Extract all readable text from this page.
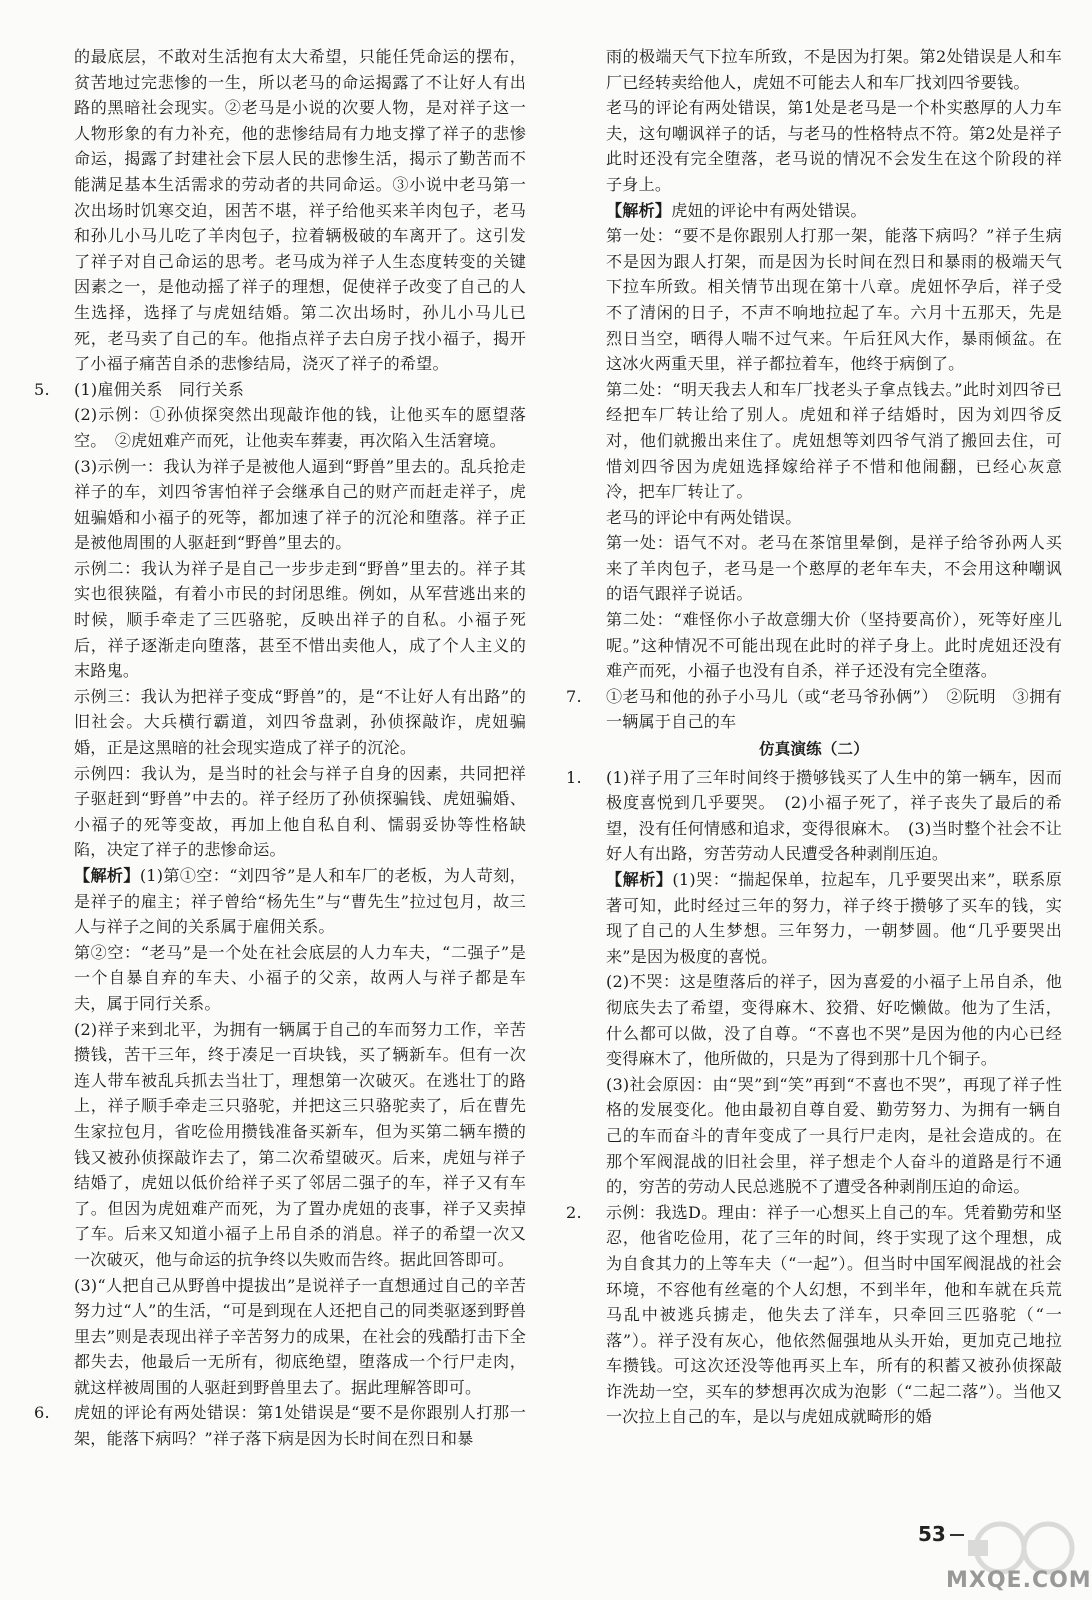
的最底层，不敢对生活抱有太大希望，只能任凭命运的摆布，贫苦地过完悲惨的一生，所以老马的命运揭露了不让好人有出路的黑暗社会现实。②老马是小说的次要人物，是对祥子这一人物形象的有力补充，他的悲惨结局有力地支撑了祥子的悲惨命运，揭露了封建社会下层人民的悲惨生活，揭示了勤苦而不能满足基本生活需求的劳动者的共同命运。③小说中老马第一次出场时饥寒交迫，困苦不堪，祥子给他买来羊肉包子，老马和孙儿小马儿吃了羊肉包子，拉着辆极破的车离开了。这引发了祥子对自己命运的思考。老马成为祥子人生态度转变的关键因素之一，是他动摇了祥子的理想，促使祥子改变了自己的人生选择，选择了与虎妞结婚。第二次出场时，孙儿小马儿已死，老马卖了自己的车。他指点祥子去白房子找小福子，揭开了小福子痛苦自杀的悲惨结局，浇灭了祥子的希望。

5.	(1)雇佣关系　同行关系

(2)示例：①孙侦探突然出现敲诈他的钱，让他买车的愿望落空。　②虎妞难产而死，让他卖车葬妻，再次陷入生活窘境。

(3)示例一：我认为祥子是被他人逼到“野兽”里去的。乱兵抢走祥子的车，刘四爷害怕祥子会继承自己的财产而赶走祥子，虎妞骗婚和小福子的死等，都加速了祥子的沉沦和堕落。祥子正是被他周围的人驱赶到“野兽”里去的。

示例二：我认为祥子是自己一步步走到“野兽”里去的。祥子其实也很狭隘，有着小市民的封闭思维。例如，从军营逃出来的时候，顺手牵走了三匹骆驼，反映出祥子的自私。小福子死后，祥子逐渐走向堕落，甚至不惜出卖他人，成了个人主义的末路鬼。

示例三：我认为把祥子变成“野兽”的，是“不让好人有出路”的旧社会。大兵横行霸道，刘四爷盘剥，孙侦探敲诈，虎妞骗婚，正是这黑暗的社会现实造成了祥子的沉沦。

示例四：我认为，是当时的社会与祥子自身的因素，共同把祥子驱赶到“野兽”中去的。祥子经历了孙侦探骗钱、虎妞骗婚、小福子的死等变故，再加上他自私自利、懦弱妥协等性格缺陷，决定了祥子的悲惨命运。

【解析】(1)第①空：“刘四爷”是人和车厂的老板，为人苛刻，是祥子的雇主；祥子曾给“杨先生”与“曹先生”拉过包月，故三人与祥子之间的关系属于雇佣关系。

第②空：“老马”是一个处在社会底层的人力车夫，“二强子”是一个自暴自弃的车夫、小福子的父亲，故两人与祥子都是车夫，属于同行关系。

(2)祥子来到北平，为拥有一辆属于自己的车而努力工作，辛苦攒钱，苦干三年，终于凑足一百块钱，买了辆新车。但有一次连人带车被乱兵抓去当壮丁，理想第一次破灭。在逃壮丁的路上，祥子顺手牵走三只骆驼，并把这三只骆驼卖了，后在曹先生家拉包月，省吃俭用攒钱准备买新车，但为买第二辆车攒的钱又被孙侦探敲诈去了，第二次希望破灭。后来，虎妞与祥子结婚了，虎妞以低价给祥子买了邻居二强子的车，祥子又有车了。但因为虎妞难产而死，为了置办虎妞的丧事，祥子又卖掉了车。后来又知道小福子上吊自杀的消息。祥子的希望一次又一次破灭，他与命运的抗争终以失败而告终。据此回答即可。

(3)“人把自己从野兽中提拔出”是说祥子一直想通过自己的辛苦努力过“人”的生活，“可是到现在人还把自己的同类驱逐到野兽里去”则是表现出祥子辛苦努力的成果，在社会的残酷打击下全都失去，他最后一无所有，彻底绝望，堕落成一个行尸走肉，就这样被周围的人驱赶到野兽里去了。据此理解答即可。

6.	虎妞的评论有两处错误：第1处错误是“要不是你跟别人打那一架，能落下病吗？”祥子落下病是因为长时间在烈日和暴

雨的极端天气下拉车所致，不是因为打架。第2处错误是人和车厂已经转卖给他人，虎妞不可能去人和车厂找刘四爷要钱。

老马的评论有两处错误，第1处是老马是一个朴实憨厚的人力车夫，这句嘲讽祥子的话，与老马的性格特点不符。第2处是祥子此时还没有完全堕落，老马说的情况不会发生在这个阶段的祥子身上。

【解析】虎妞的评论中有两处错误。

第一处：“要不是你跟别人打那一架，能落下病吗？”祥子生病不是因为跟人打架，而是因为长时间在烈日和暴雨的极端天气下拉车所致。相关情节出现在第十八章。虎妞怀孕后，祥子受不了清闲的日子，不声不响地拉起了车。六月十五那天，先是烈日当空，晒得人喘不过气来。午后狂风大作，暴雨倾盆。在这冰火两重天里，祥子都拉着车，他终于病倒了。

第二处：“明天我去人和车厂找老头子拿点钱去。”此时刘四爷已经把车厂转让给了别人。虎妞和祥子结婚时，因为刘四爷反对，他们就搬出来住了。虎妞想等刘四爷气消了搬回去住，可惜刘四爷因为虎妞选择嫁给祥子不惜和他闹翻，已经心灰意冷，把车厂转让了。

老马的评论中有两处错误。

第一处：语气不对。老马在茶馆里晕倒，是祥子给爷孙两人买来了羊肉包子，老马是一个憨厚的老年车夫，不会用这种嘲讽的语气跟祥子说话。

第二处：“难怪你小子故意绷大价（坚持要高价），死等好座儿呢。”这种情况不可能出现在此时的祥子身上。此时虎妞还没有难产而死，小福子也没有自杀，祥子还没有完全堕落。

7.	①老马和他的孙子小马儿（或“老马爷孙俩”）　②阮明　③拥有一辆属于自己的车

仿真演练（二）
1.	(1)祥子用了三年时间终于攒够钱买了人生中的第一辆车，因而极度喜悦到几乎要哭。　(2)小福子死了，祥子丧失了最后的希望，没有任何情感和追求，变得很麻木。　(3)当时整个社会不让好人有出路，穷苦劳动人民遭受各种剥削压迫。

【解析】(1)哭：“揣起保单，拉起车，几乎要哭出来”，联系原著可知，此时经过三年的努力，祥子终于攒够了买车的钱，实现了自己的人生梦想。三年努力，一朝梦圆。他“几乎要哭出来”是因为极度的喜悦。

(2)不哭：这是堕落后的祥子，因为喜爱的小福子上吊自杀，他彻底失去了希望，变得麻木、狡猾、好吃懒做。他为了生活，什么都可以做，没了自尊。“不喜也不哭”是因为他的内心已经变得麻木了，他所做的，只是为了得到那十几个铜子。

(3)社会原因：由“哭”到“笑”再到“不喜也不哭”，再现了祥子性格的发展变化。他由最初自尊自爱、勤劳努力、为拥有一辆自己的车而奋斗的青年变成了一具行尸走肉，是社会造成的。在那个军阀混战的旧社会里，祥子想走个人奋斗的道路是行不通的，穷苦的劳动人民总逃脱不了遭受各种剥削压迫的命运。

2.	示例：我选D。理由：祥子一心想买上自己的车。凭着勤劳和坚忍，他省吃俭用，花了三年的时间，终于实现了这个理想，成为自食其力的上等车夫（“一起”）。但当时中国军阀混战的社会环境，不容他有丝毫的个人幻想，不到半年，他和车就在兵荒马乱中被逃兵掳走，他失去了洋车，只牵回三匹骆驼（“一落”）。祥子没有灰心，他依然倔强地从头开始，更加克己地拉车攒钱。可这次还没等他再买上车，所有的积蓄又被孙侦探敲诈洗劫一空，买车的梦想再次成为泡影（“二起二落”）。当他又一次拉上自己的车，是以与虎妞成就畸形的婚

53
MXQE.COM
